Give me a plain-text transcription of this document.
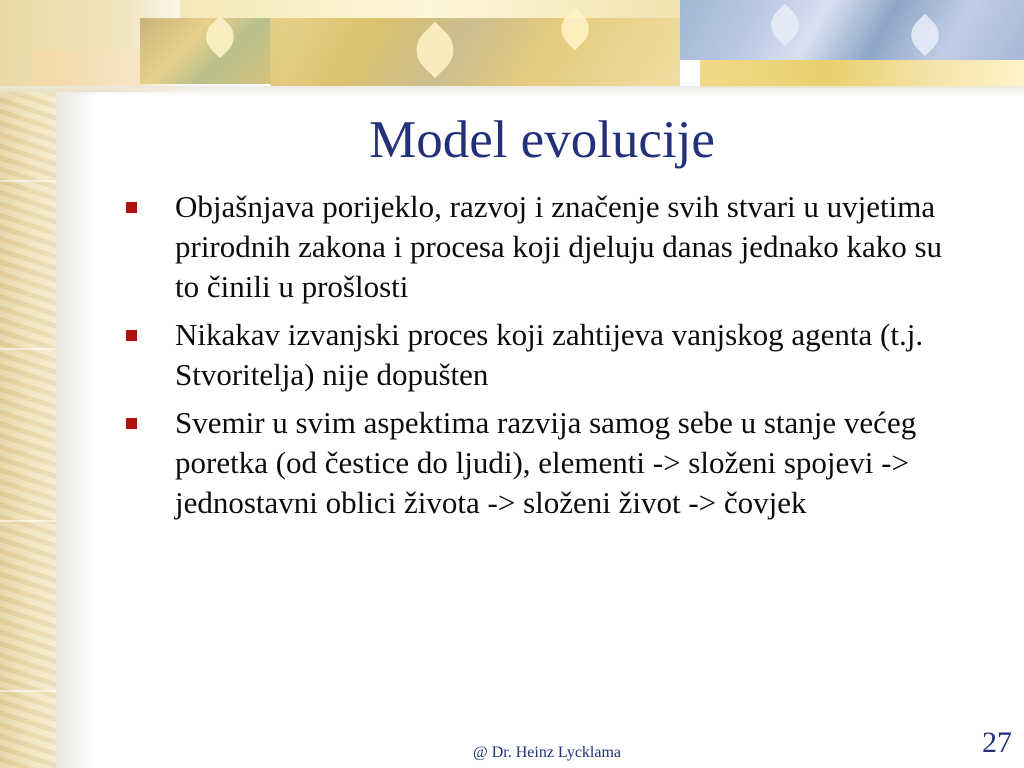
Model evolucije
Objašnjava porijeklo, razvoj i značenje svih stvari u uvjetima prirodnih zakona i procesa koji djeluju danas jednako kako su to činili u prošlosti
Nikakav izvanjski proces koji zahtijeva vanjskog agenta (t.j. Stvoritelja) nije dopušten
Svemir u svim aspektima razvija samog sebe u stanje većeg poretka (od čestice do ljudi), elementi -> složeni spojevi -> jednostavni oblici života -> složeni život -> čovjek
@ Dr. Heinz Lycklama	27
